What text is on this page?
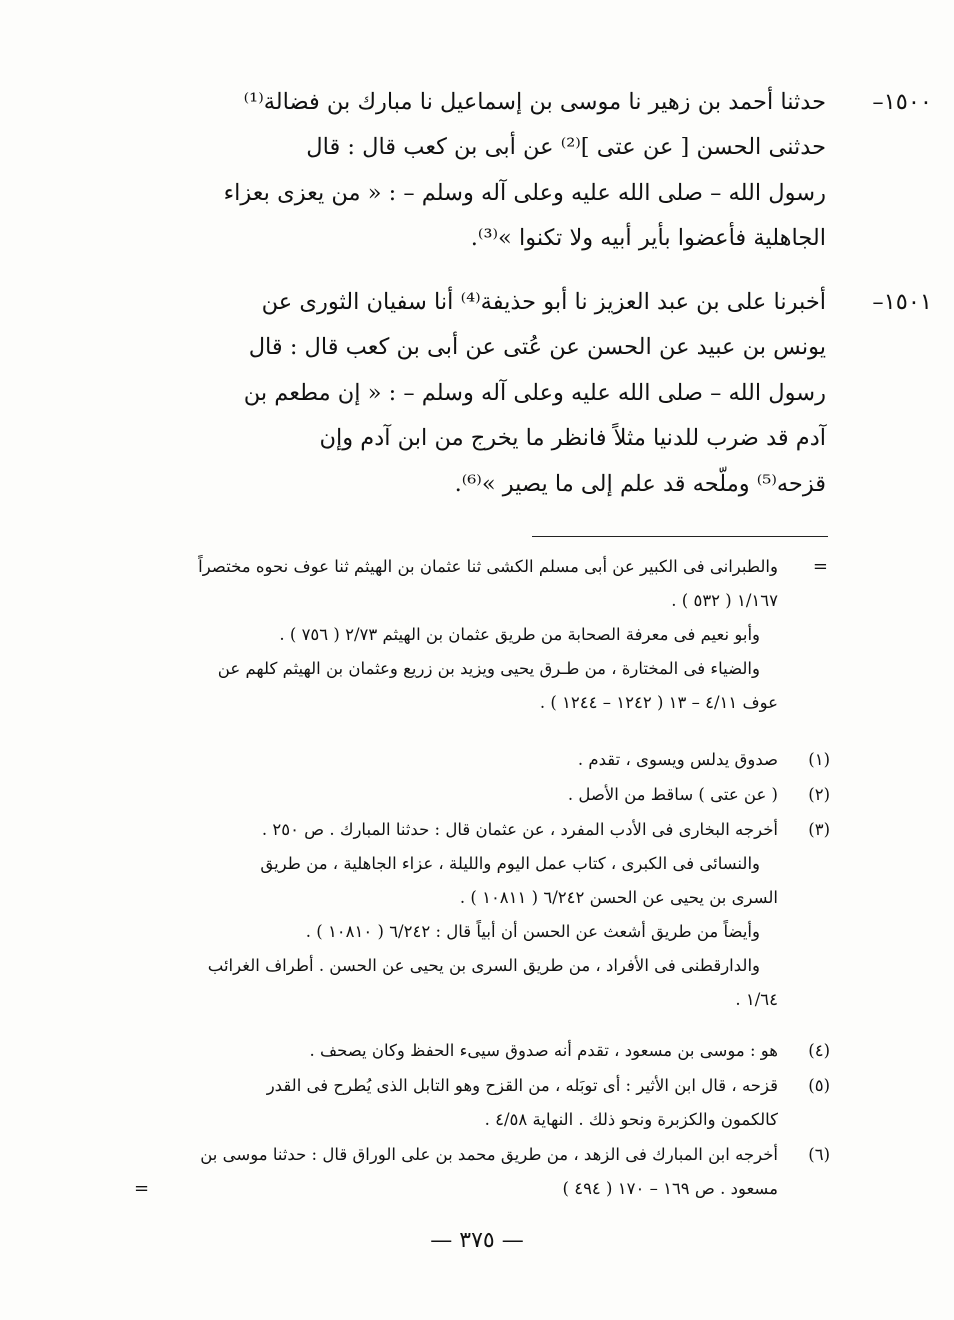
١٥٠٠–
حدثنا أحمد بن زهير نا موسى بن إسماعيل نا مبارك بن فضالة⁽¹⁾
حدثنى الحسن [ عن عتى ]⁽²⁾ عن أبى بن كعب قال : قال
رسول الله – صلى الله عليه وعلى آله وسلم – : « من يعزى بعزاء
الجاهلية فأعضوا بأير أبيه ولا تكنوا »⁽³⁾.
١٥٠١–
أخبرنا على بن عبد العزيز نا أبو حذيفة⁽⁴⁾ أنا سفيان الثورى عن
يونس بن عبيد عن الحسن عن عُتى عن أبى بن كعب قال : قال
رسول الله – صلى الله عليه وعلى آله وسلم – : « إن مطعم بن
آدم قد ضرب للدنيا مثلاً فانظر ما يخرج من ابن آدم وإن
قزحه⁽⁵⁾ وملّحه قد علم إلى ما يصير »⁽⁶⁾.
=
والطبرانى فى الكبير عن أبى مسلم الكشى ثنا عثمان بن الهيثم ثنا عوف نحوه مختصراً
١/١٦٧ ( ٥٣٢ ) .
وأبو نعيم فى معرفة الصحابة من طريق عثمان بن الهيثم ٢/٧٣ ( ٧٥٦ ) .
والضياء فى المختارة ، من طـرق يحيى ويزيد بن زريع وعثمان بن الهيثم كلهم عن
عوف ٤/١١ – ١٣ ( ١٢٤٢ – ١٢٤٤ ) .
(١)
صدوق يدلس ويسوى ، تقدم .
(٢)
( عن عتى ) ساقط من الأصل .
(٣)
أخرجه البخارى فى الأدب المفرد ، عن عثمان قال : حدثنا المبارك . ص ٢٥٠ .
والنسائى فى الكبرى ، كتاب عمل اليوم والليلة ، عزاء الجاهلية ، من طريق
السرى بن يحيى عن الحسن ٦/٢٤٢ ( ١٠٨١١ ) .
وأيضاً من طريق أشعث عن الحسن أن أبياً قال : ٦/٢٤٢ ( ١٠٨١٠ ) .
والدارقطنى فى الأفراد ، من طريق السرى بن يحيى عن الحسن . أطراف الغرائب
١/٦٤ .
(٤)
هو : موسى بن مسعود ، تقدم أنه صدوق سيىء الحفظ وكان يصحف .
(٥)
قزحه ، قال ابن الأثير : أى توبَله ، من القزح وهو التابل الذى يُطرح فى القدر
كالكمون والكزبرة ونحو ذلك . النهاية ٤/٥٨ .
(٦)
أخرجه ابن المبارك فى الزهد ، من طريق محمد بن على الوراق قال : حدثنا موسى بن
مسعود . ص ١٦٩ – ١٧٠ ( ٤٩٤ )
=
— ٣٧٥ —
